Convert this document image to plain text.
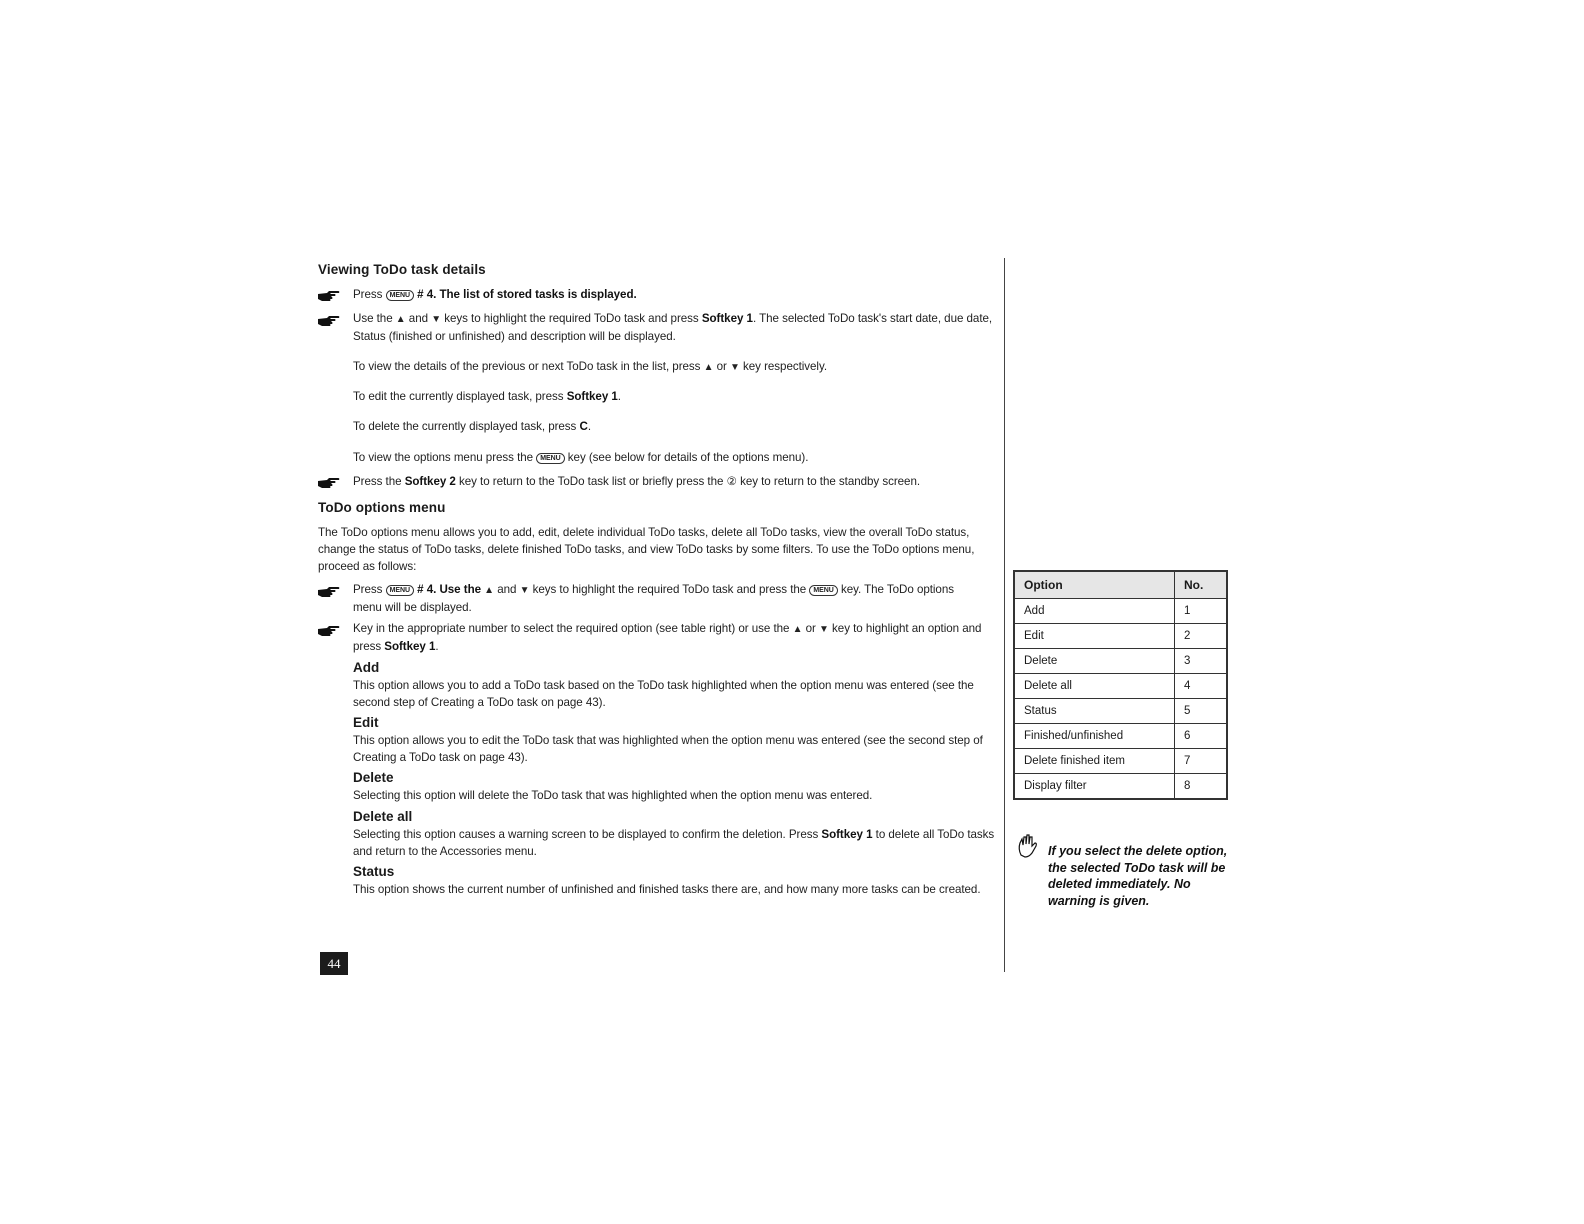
Viewing ToDo task details
Press MENU # 4. The list of stored tasks is displayed.
Use the ▲ and ▼ keys to highlight the required ToDo task and press Softkey 1. The selected ToDo task's start date, due date,
Status (finished or unfinished) and description will be displayed.
To view the details of the previous or next ToDo task in the list, press ▲ or ▼ key respectively.
To edit the currently displayed task, press Softkey 1.
To delete the currently displayed task, press C.
To view the options menu press the MENU key (see below for details of the options menu).
Press the Softkey 2 key to return to the ToDo task list or briefly press the ② key to return to the standby screen.
ToDo options menu
The ToDo options menu allows you to add, edit, delete individual ToDo tasks, delete all ToDo tasks, view the overall ToDo status,
change the status of ToDo tasks, delete finished ToDo tasks, and view ToDo tasks by some filters. To use the ToDo options menu,
proceed as follows:
Press MENU # 4. Use the ▲ and ▼ keys to highlight the required ToDo task and press the MENU key. The ToDo options
menu will be displayed.
Key in the appropriate number to select the required option (see table right) or use the ▲ or ▼ key to highlight an option and
press Softkey 1.
Add
This option allows you to add a ToDo task based on the ToDo task highlighted when the option menu was entered (see the
second step of Creating a ToDo task on page 43).
Edit
This option allows you to edit the ToDo task that was highlighted when the option menu was entered (see the second step of
Creating a ToDo task on page 43).
Delete
Selecting this option will delete the ToDo task that was highlighted when the option menu was entered.
Delete all
Selecting this option causes a warning screen to be displayed to confirm the deletion. Press Softkey 1 to delete all ToDo tasks
and return to the Accessories menu.
Status
This option shows the current number of unfinished and finished tasks there are, and how many more tasks can be created.
44
Option	No.
Add	1
Edit	2
Delete	3
Delete all	4
Status	5
Finished/unfinished	6
Delete finished item	7
Display filter	8
If you select the delete option,
the selected ToDo task will be
deleted immediately. No
warning is given.
